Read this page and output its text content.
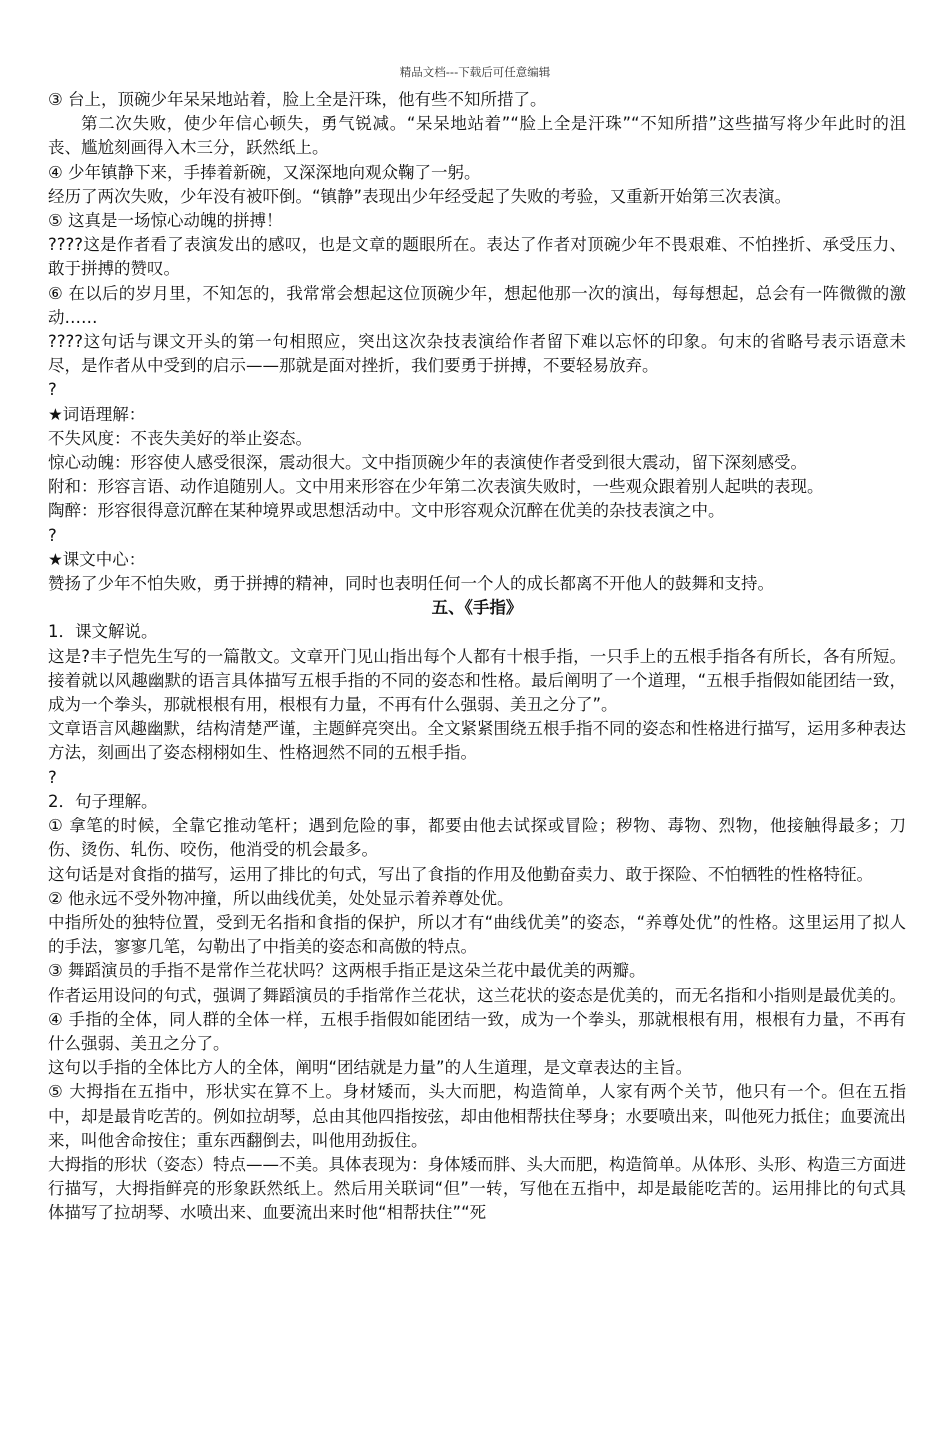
精品文档---下载后可任意编辑

③ 台上，顶碗少年呆呆地站着，脸上全是汗珠，他有些不知所措了。

第二次失败，使少年信心顿失，勇气锐减。“呆呆地站着”“脸上全是汗珠”“不知所措”这些描写将少年此时的沮丧、尴尬刻画得入木三分，跃然纸上。

④ 少年镇静下来，手捧着新碗，又深深地向观众鞠了一躬。

经历了两次失败，少年没有被吓倒。“镇静”表现出少年经受起了失败的考验，又重新开始第三次表演。

⑤ 这真是一场惊心动魄的拼搏！

????这是作者看了表演发出的感叹，也是文章的题眼所在。表达了作者对顶碗少年不畏艰难、不怕挫折、承受压力、敢于拼搏的赞叹。

⑥ 在以后的岁月里，不知怎的，我常常会想起这位顶碗少年，想起他那一次的演出，每每想起，总会有一阵微微的激动……

????这句话与课文开头的第一句相照应，突出这次杂技表演给作者留下难以忘怀的印象。句末的省略号表示语意未尽，是作者从中受到的启示——那就是面对挫折，我们要勇于拼搏，不要轻易放弃。

?

★词语理解：

不失风度：不丧失美好的举止姿态。

惊心动魄：形容使人感受很深，震动很大。文中指顶碗少年的表演使作者受到很大震动，留下深刻感受。

附和：形容言语、动作追随别人。文中用来形容在少年第二次表演失败时，一些观众跟着别人起哄的表现。

陶醉：形容很得意沉醉在某种境界或思想活动中。文中形容观众沉醉在优美的杂技表演之中。

?

★课文中心：

赞扬了少年不怕失败，勇于拼搏的精神，同时也表明任何一个人的成长都离不开他人的鼓舞和支持。

五、《手指》

1．课文解说。

这是?丰子恺先生写的一篇散文。文章开门见山指出每个人都有十根手指，一只手上的五根手指各有所长，各有所短。接着就以风趣幽默的语言具体描写五根手指的不同的姿态和性格。最后阐明了一个道理，“五根手指假如能团结一致，成为一个拳头，那就根根有用，根根有力量，不再有什么强弱、美丑之分了”。

文章语言风趣幽默，结构清楚严谨，主题鲜亮突出。全文紧紧围绕五根手指不同的姿态和性格进行描写，运用多种表达方法，刻画出了姿态栩栩如生、性格迥然不同的五根手指。

?

2．句子理解。

① 拿笔的时候，全靠它推动笔杆；遇到危险的事，都要由他去试探或冒险；秽物、毒物、烈物，他接触得最多；刀伤、烫伤、轧伤、咬伤，他消受的机会最多。

这句话是对食指的描写，运用了排比的句式，写出了食指的作用及他勤奋卖力、敢于探险、不怕牺牲的性格特征。

② 他永远不受外物冲撞，所以曲线优美，处处显示着养尊处优。

中指所处的独特位置，受到无名指和食指的保护，所以才有“曲线优美”的姿态，“养尊处优”的性格。这里运用了拟人的手法，寥寥几笔，勾勒出了中指美的姿态和高傲的特点。

③ 舞蹈演员的手指不是常作兰花状吗？这两根手指正是这朵兰花中最优美的两瓣。

作者运用设问的句式，强调了舞蹈演员的手指常作兰花状，这兰花状的姿态是优美的，而无名指和小指则是最优美的。

④ 手指的全体，同人群的全体一样，五根手指假如能团结一致，成为一个拳头，那就根根有用，根根有力量，不再有什么强弱、美丑之分了。

这句以手指的全体比方人的全体，阐明“团结就是力量”的人生道理，是文章表达的主旨。

⑤ 大拇指在五指中，形状实在算不上。身材矮而，头大而肥，构造简单，人家有两个关节，他只有一个。但在五指中，却是最肯吃苦的。例如拉胡琴，总由其他四指按弦，却由他相帮扶住琴身；水要喷出来，叫他死力抵住；血要流出来，叫他舍命按住；重东西翻倒去，叫他用劲扳住。

大拇指的形状（姿态）特点——不美。具体表现为：身体矮而胖、头大而肥，构造简单。从体形、头形、构造三方面进行描写，大拇指鲜亮的形象跃然纸上。然后用关联词“但”一转，写他在五指中，却是最能吃苦的。运用排比的句式具体描写了拉胡琴、水喷出来、血要流出来时他“相帮扶住”“死
